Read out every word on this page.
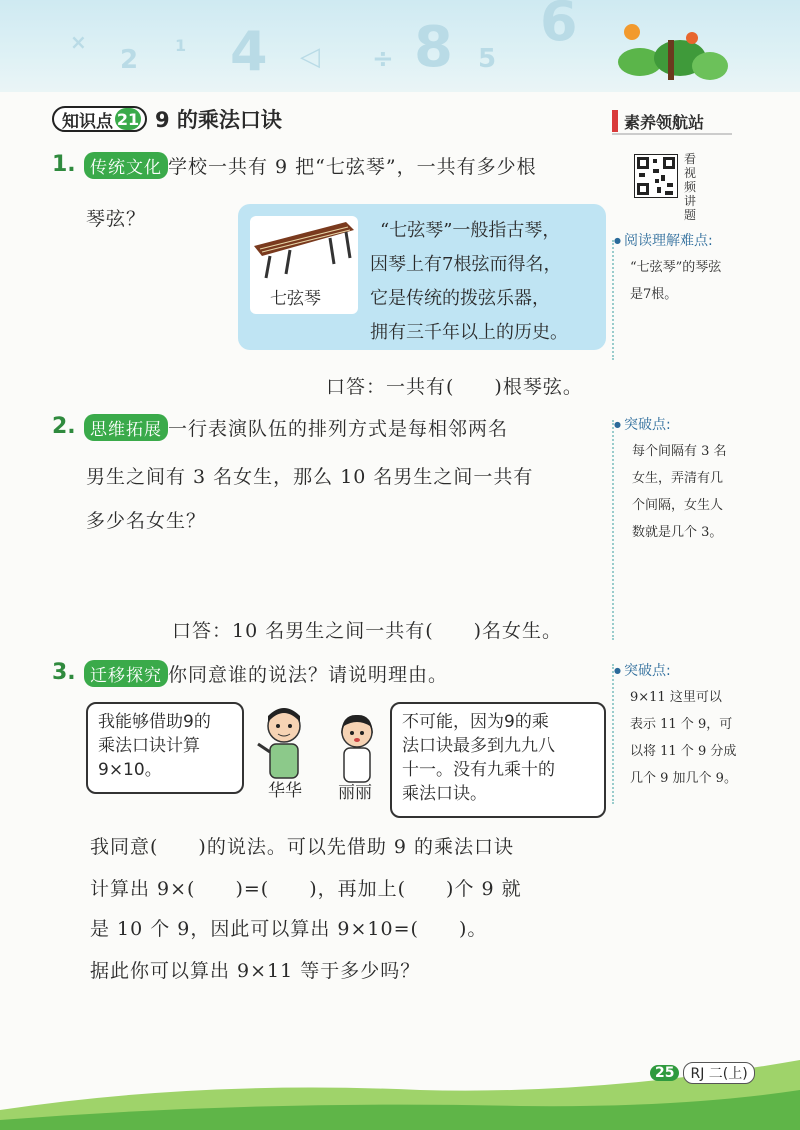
×
2 1 4 ◁ ÷ 8 5
6
知识点 21 9 的乘法口诀	素养领航站
看视频讲题
● 阅读理解难点:
“七弦琴”的琴弦
是7根。
● 突破点:
每个间隔有 3 名
女生，弄清有几
个间隔，女生人
数就是几个 3。
● 突破点:
9×11 这里可以
表示 11 个 9，可
以将 11 个 9 分成
几个 9 加几个 9。
1. 传统文化 学校一共有 9 把“七弦琴”，一共有多少根
琴弦？
七弦琴
“七弦琴”一般指古琴，
因琴上有7根弦而得名，
它是传统的拨弦乐器，
拥有三千年以上的历史。
口答：一共有(　　)根琴弦。
2. 思维拓展 一行表演队伍的排列方式是每相邻两名
男生之间有 3 名女生，那么 10 名男生之间一共有
多少名女生？
口答：10 名男生之间一共有(　　)名女生。
3. 迁移探究 你同意谁的说法？请说明理由。
我能够借助9的
乘法口诀计算
9×10。
华华 丽丽
不可能，因为9的乘
法口诀最多到九九八
十一。没有九乘十的
乘法口诀。
我同意(　　)的说法。可以先借助 9 的乘法口诀
计算出 9×(　　)=(　　)，再加上(　　)个 9 就
是 10 个 9，因此可以算出 9×10=(　　)。
据此你可以算出 9×11 等于多少吗？
25	RJ 二(上)
